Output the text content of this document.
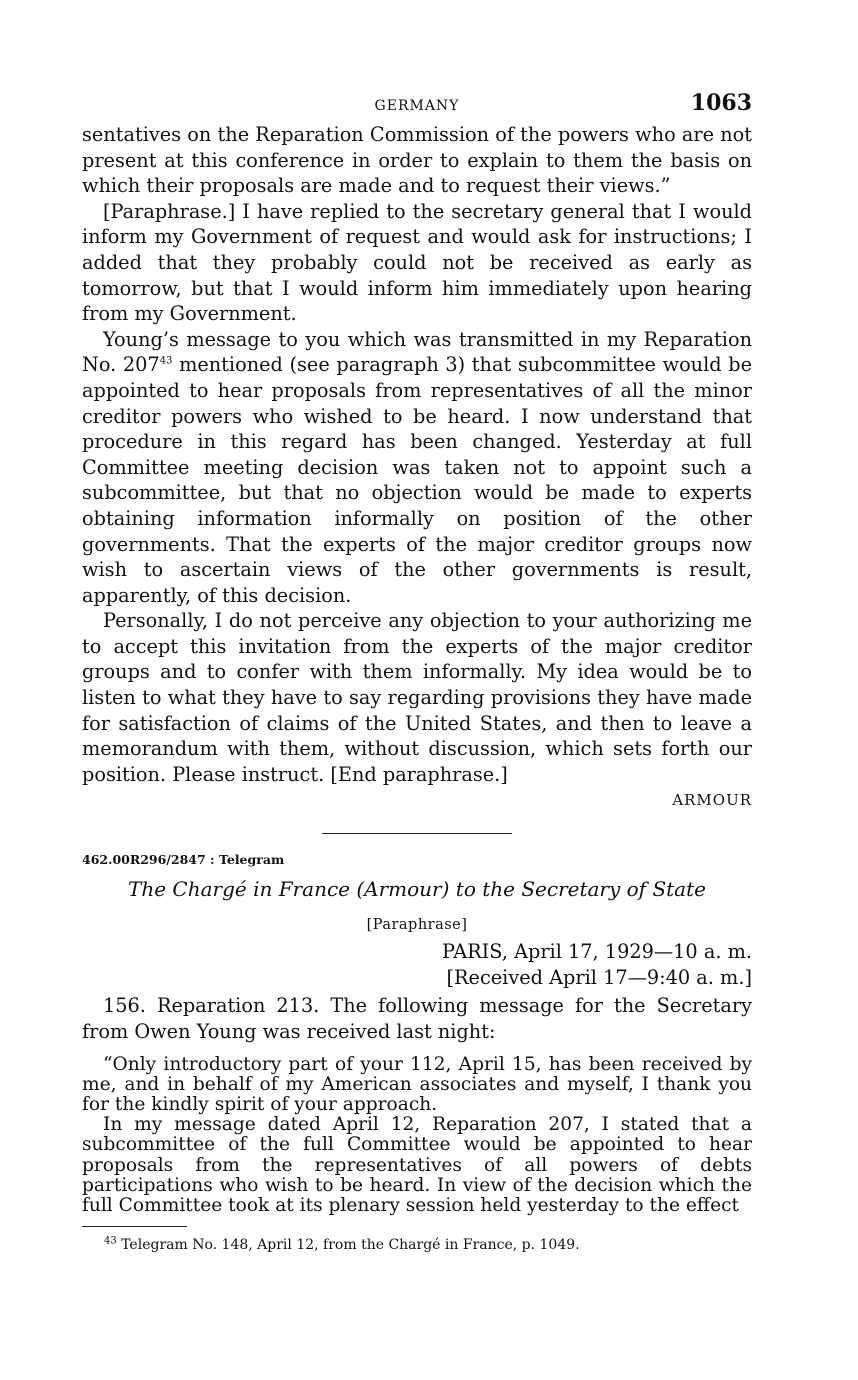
GERMANY	1063

sentatives on the Reparation Commission of the powers who are not present at this conference in order to explain to them the basis on which their proposals are made and to request their views.”

[Paraphrase.] I have replied to the secretary general that I would inform my Government of request and would ask for instructions; I added that they probably could not be received as early as tomorrow, but that I would inform him immediately upon hearing from my Government.

Young’s message to you which was transmitted in my Reparation No. $207^{43}$ mentioned (see paragraph 3) that subcommittee would be appointed to hear proposals from representatives of all the minor creditor powers who wished to be heard. I now understand that procedure in this regard has been changed. Yesterday at full Committee meeting decision was taken not to appoint such a subcommittee, but that no objection would be made to experts obtaining information informally on position of the other governments. That the experts of the major creditor groups now wish to ascertain views of the other governments is result, apparently, of this decision.

Personally, I do not perceive any objection to your authorizing me to accept this invitation from the experts of the major creditor groups and to confer with them informally. My idea would be to listen to what they have to say regarding provisions they have made for satisfaction of claims of the United States, and then to leave a memorandum with them, without discussion, which sets forth our position. Please instruct. [End paraphrase.]

ARMOUR
462.00R296/2847 : Telegram
The Chargé in France (Armour) to the Secretary of State
[Paraphrase]
PARIS, April 17, 1929—10 a. m.
[Received April 17—9:40 a. m.]

156. Reparation 213. The following message for the Secretary from Owen Young was received last night:

“Only introductory part of your 112, April 15, has been received by me, and in behalf of my American associates and myself, I thank you for the kindly spirit of your approach.

In my message dated April 12, Reparation 207, I stated that a subcommittee of the full Committee would be appointed to hear proposals from the representatives of all powers of debts participations who wish to be heard. In view of the decision which the full Committee took at its plenary session held yesterday to the effect

$^{43}$ Telegram No. 148, April 12, from the Chargé in France, p. 1049.
